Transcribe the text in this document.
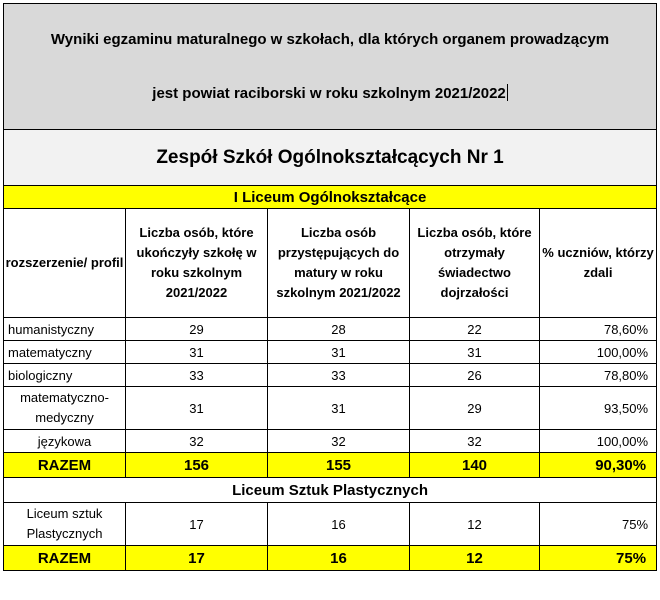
Wyniki egzaminu maturalnego w szkołach, dla których organem prowadzącym
jest powiat raciborski w roku szkolnym 2021/2022				

Zespół Szkół Ogólnokształcących Nr 1				
I Liceum Ogólnokształcące				
rozszerzenie/ profil	Liczba osób, które ukończyły szkołę w roku szkolnym 2021/2022	Liczba osób przystępujących do matury w roku szkolnym 2021/2022	Liczba osób, które otrzymały świadectwo dojrzałości	% uczniów, którzy zdali
humanistyczny	29	28	22	78,60%
matematyczny	31	31	31	100,00%
biologiczny	33	33	26	78,80%
matematyczno-medyczny	31	31	29	93,50%
językowa	32	32	32	100,00%
RAZEM	156	155	140	90,30%
Liceum Sztuk Plastycznych				
Liceum sztuk Plastycznych	17	16	12	75%
RAZEM	17	16	12	75%
